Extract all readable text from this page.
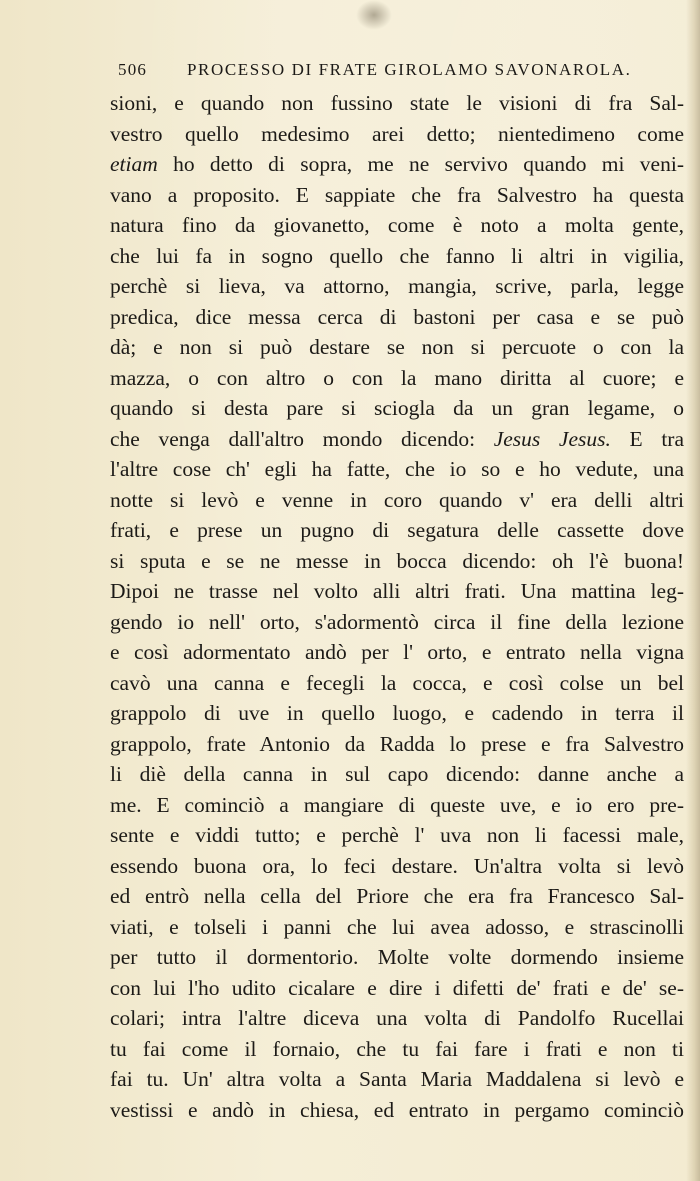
506 PROCESSO DI FRATE GIROLAMO SAVONAROLA.
sioni, e quando non fussino state le visioni di fra Sal-
vestro quello medesimo arei detto; nientedimeno come
etiam ho detto di sopra, me ne servivo quando mi veni-
vano a proposito. E sappiate che fra Salvestro ha questa
natura fino da giovanetto, come è noto a molta gente,
che lui fa in sogno quello che fanno li altri in vigilia,
perchè si lieva, va attorno, mangia, scrive, parla, legge
predica, dice messa cerca di bastoni per casa e se può
dà; e non si può destare se non si percuote o con la
mazza, o con altro o con la mano diritta al cuore; e
quando si desta pare si sciogla da un gran legame, o
che venga dall'altro mondo dicendo: Jesus Jesus. E tra
l'altre cose ch' egli ha fatte, che io so e ho vedute, una
notte si levò e venne in coro quando v' era delli altri
frati, e prese un pugno di segatura delle cassette dove
si sputa e se ne messe in bocca dicendo: oh l'è buona!
Dipoi ne trasse nel volto alli altri frati. Una mattina leg-
gendo io nell' orto, s'adormentò circa il fine della lezione
e così adormentato andò per l' orto, e entrato nella vigna
cavò una canna e fecegli la cocca, e così colse un bel
grappolo di uve in quello luogo, e cadendo in terra il
grappolo, frate Antonio da Radda lo prese e fra Salvestro
li diè della canna in sul capo dicendo: danne anche a
me. E cominciò a mangiare di queste uve, e io ero pre-
sente e viddi tutto; e perchè l' uva non li facessi male,
essendo buona ora, lo feci destare. Un'altra volta si levò
ed entrò nella cella del Priore che era fra Francesco Sal-
viati, e tolseli i panni che lui avea adosso, e strascinolli
per tutto il dormentorio. Molte volte dormendo insieme
con lui l'ho udito cicalare e dire i difetti de' frati e de' se-
colari; intra l'altre diceva una volta di Pandolfo Rucellai
tu fai come il fornaio, che tu fai fare i frati e non ti
fai tu. Un' altra volta a Santa Maria Maddalena si levò e
vestissi e andò in chiesa, ed entrato in pergamo cominciò
